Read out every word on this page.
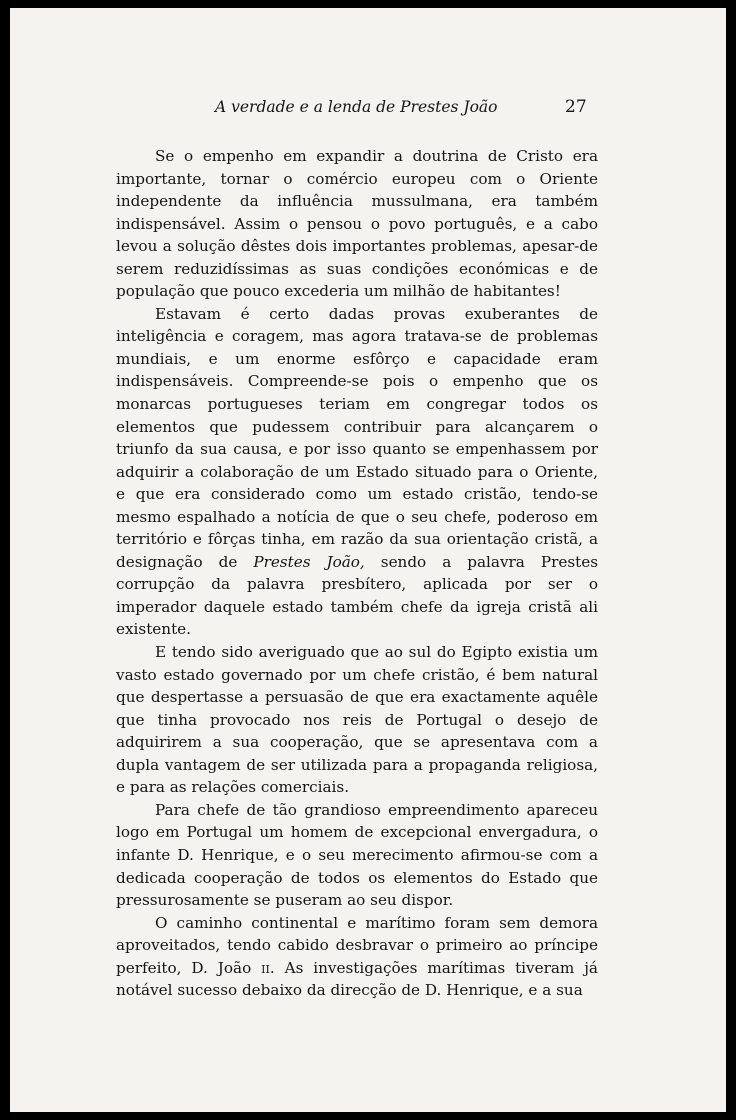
A verdade e a lenda de Prestes João	27

Se o empenho em expandir a doutrina de Cristo era importante, tornar o comércio europeu com o Oriente independente da influência mussulmana, era também indispensável. Assim o pensou o povo português, e a cabo levou a solução dêstes dois importantes problemas, apesar-de serem reduzidíssimas as suas condições económicas e de população que pouco excederia um milhão de habitantes!

Estavam é certo dadas provas exuberantes de inteligência e coragem, mas agora tratava-se de problemas mundiais, e um enorme esfôrço e capacidade eram indispensáveis. Compreende-se pois o empenho que os monarcas portugueses teriam em congregar todos os elementos que pudessem contribuir para alcançarem o triunfo da sua causa, e por isso quanto se empenhassem por adquirir a colaboração de um Estado situado para o Oriente, e que era considerado como um estado cristão, tendo-se mesmo espalhado a notícia de que o seu chefe, poderoso em território e fôrças tinha, em razão da sua orientação cristã, a designação de Prestes João, sendo a palavra Prestes corrupção da palavra presbítero, aplicada por ser o imperador daquele estado também chefe da igreja cristã ali existente.

E tendo sido averiguado que ao sul do Egipto existia um vasto estado governado por um chefe cristão, é bem natural que despertasse a persuasão de que era exactamente aquêle que tinha provocado nos reis de Portugal o desejo de adquirirem a sua cooperação, que se apresentava com a dupla vantagem de ser utilizada para a propaganda religiosa, e para as relações comerciais.

Para chefe de tão grandioso empreendimento apareceu logo em Portugal um homem de excepcional envergadura, o infante D. Henrique, e o seu merecimento afirmou-se com a dedicada cooperação de todos os elementos do Estado que pressurosamente se puseram ao seu dispor.

O caminho continental e marítimo foram sem demora aproveitados, tendo cabido desbravar o primeiro ao príncipe perfeito, D. João ii. As investigações marítimas tiveram já notável sucesso debaixo da direcção de D. Henrique, e a sua
